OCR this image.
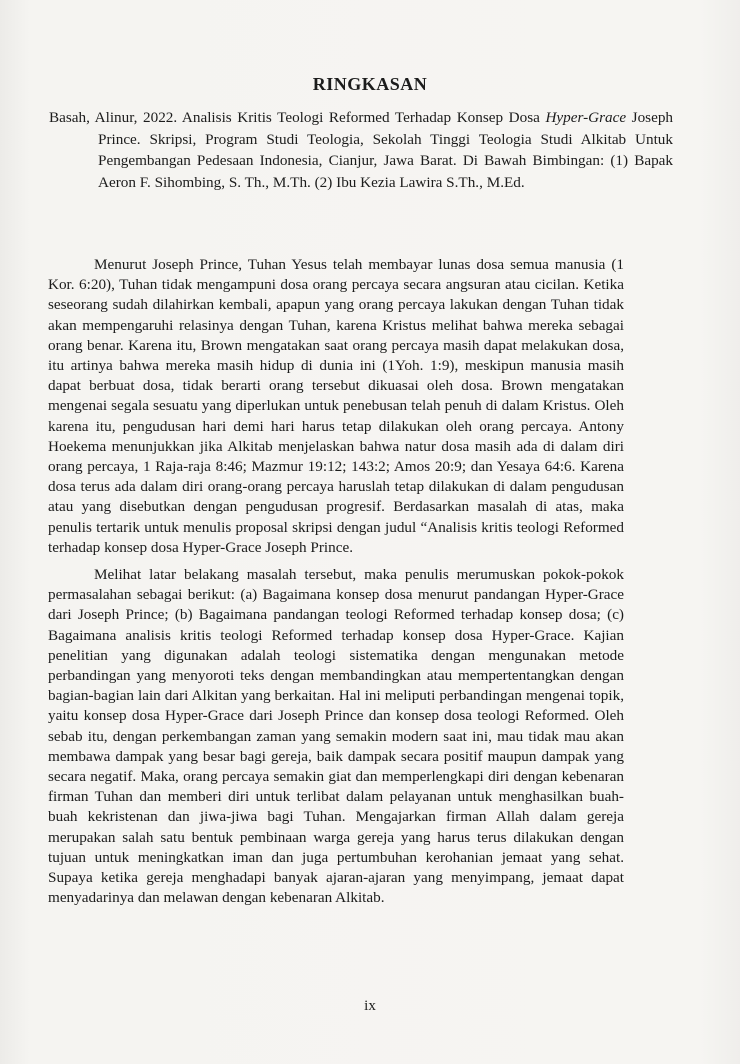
RINGKASAN

Basah, Alinur, 2022. Analisis Kritis Teologi Reformed Terhadap Konsep Dosa Hyper-Grace Joseph Prince. Skripsi, Program Studi Teologia, Sekolah Tinggi Teologia Studi Alkitab Untuk Pengembangan Pedesaan Indonesia, Cianjur, Jawa Barat. Di Bawah Bimbingan: (1) Bapak Aeron F. Sihombing, S. Th., M.Th. (2) Ibu Kezia Lawira S.Th., M.Ed.

Menurut Joseph Prince, Tuhan Yesus telah membayar lunas dosa semua manusia (1 Kor. 6:20), Tuhan tidak mengampuni dosa orang percaya secara angsuran atau cicilan. Ketika seseorang sudah dilahirkan kembali, apapun yang orang percaya lakukan dengan Tuhan tidak akan mempengaruhi relasinya dengan Tuhan, karena Kristus melihat bahwa mereka sebagai orang benar. Karena itu, Brown mengatakan saat orang percaya masih dapat melakukan dosa, itu artinya bahwa mereka masih hidup di dunia ini (1Yoh. 1:9), meskipun manusia masih dapat berbuat dosa, tidak berarti orang tersebut dikuasai oleh dosa. Brown mengatakan mengenai segala sesuatu yang diperlukan untuk penebusan telah penuh di dalam Kristus. Oleh karena itu, pengudusan hari demi hari harus tetap dilakukan oleh orang percaya. Antony Hoekema menunjukkan jika Alkitab menjelaskan bahwa natur dosa masih ada di dalam diri orang percaya, 1 Raja-raja 8:46; Mazmur 19:12; 143:2; Amos 20:9; dan Yesaya 64:6. Karena dosa terus ada dalam diri orang-orang percaya haruslah tetap dilakukan di dalam pengudusan atau yang disebutkan dengan pengudusan progresif. Berdasarkan masalah di atas, maka penulis tertarik untuk menulis proposal skripsi dengan judul “Analisis kritis teologi Reformed terhadap konsep dosa Hyper-Grace Joseph Prince.

Melihat latar belakang masalah tersebut, maka penulis merumuskan pokok-pokok permasalahan sebagai berikut: (a) Bagaimana konsep dosa menurut pandangan Hyper-Grace dari Joseph Prince; (b) Bagaimana pandangan teologi Reformed terhadap konsep dosa; (c) Bagaimana analisis kritis teologi Reformed terhadap konsep dosa Hyper-Grace. Kajian penelitian yang digunakan adalah teologi sistematika dengan mengunakan metode perbandingan yang menyoroti teks dengan membandingkan atau mempertentangkan dengan bagian-bagian lain dari Alkitan yang berkaitan. Hal ini meliputi perbandingan mengenai topik, yaitu konsep dosa Hyper-Grace dari Joseph Prince dan konsep dosa teologi Reformed. Oleh sebab itu, dengan perkembangan zaman yang semakin modern saat ini, mau tidak mau akan membawa dampak yang besar bagi gereja, baik dampak secara positif maupun dampak yang secara negatif. Maka, orang percaya semakin giat dan memperlengkapi diri dengan kebenaran firman Tuhan dan memberi diri untuk terlibat dalam pelayanan untuk menghasilkan buah-buah kekristenan dan jiwa-jiwa bagi Tuhan. Mengajarkan firman Allah dalam gereja merupakan salah satu bentuk pembinaan warga gereja yang harus terus dilakukan dengan tujuan untuk meningkatkan iman dan juga pertumbuhan kerohanian jemaat yang sehat. Supaya ketika gereja menghadapi banyak ajaran-ajaran yang menyimpang, jemaat dapat menyadarinya dan melawan dengan kebenaran Alkitab.

ix
